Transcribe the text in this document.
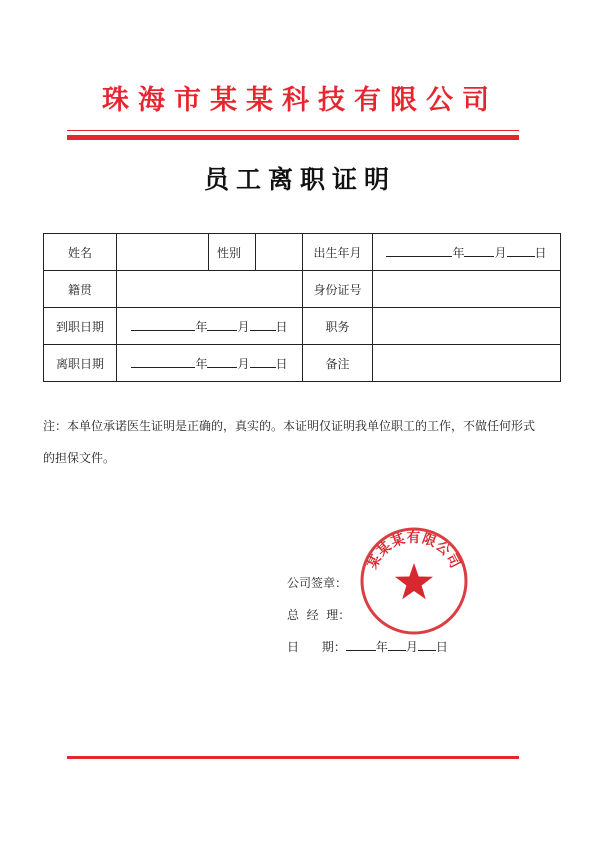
珠海市某某科技有限公司
员工离职证明
姓名		性别		出生年月	年 月 日
籍贯				身份证号	
到职日期	年 月 日			职务	
离职日期	年 月 日			备注	
注：本单位承诺医生证明是正确的，真实的。本证明仅证明我单位职工的工作，不做任何形式
的担保文件。
公司签章：
总  经  理：
日      期：	年 月 日
某某某有限公司
